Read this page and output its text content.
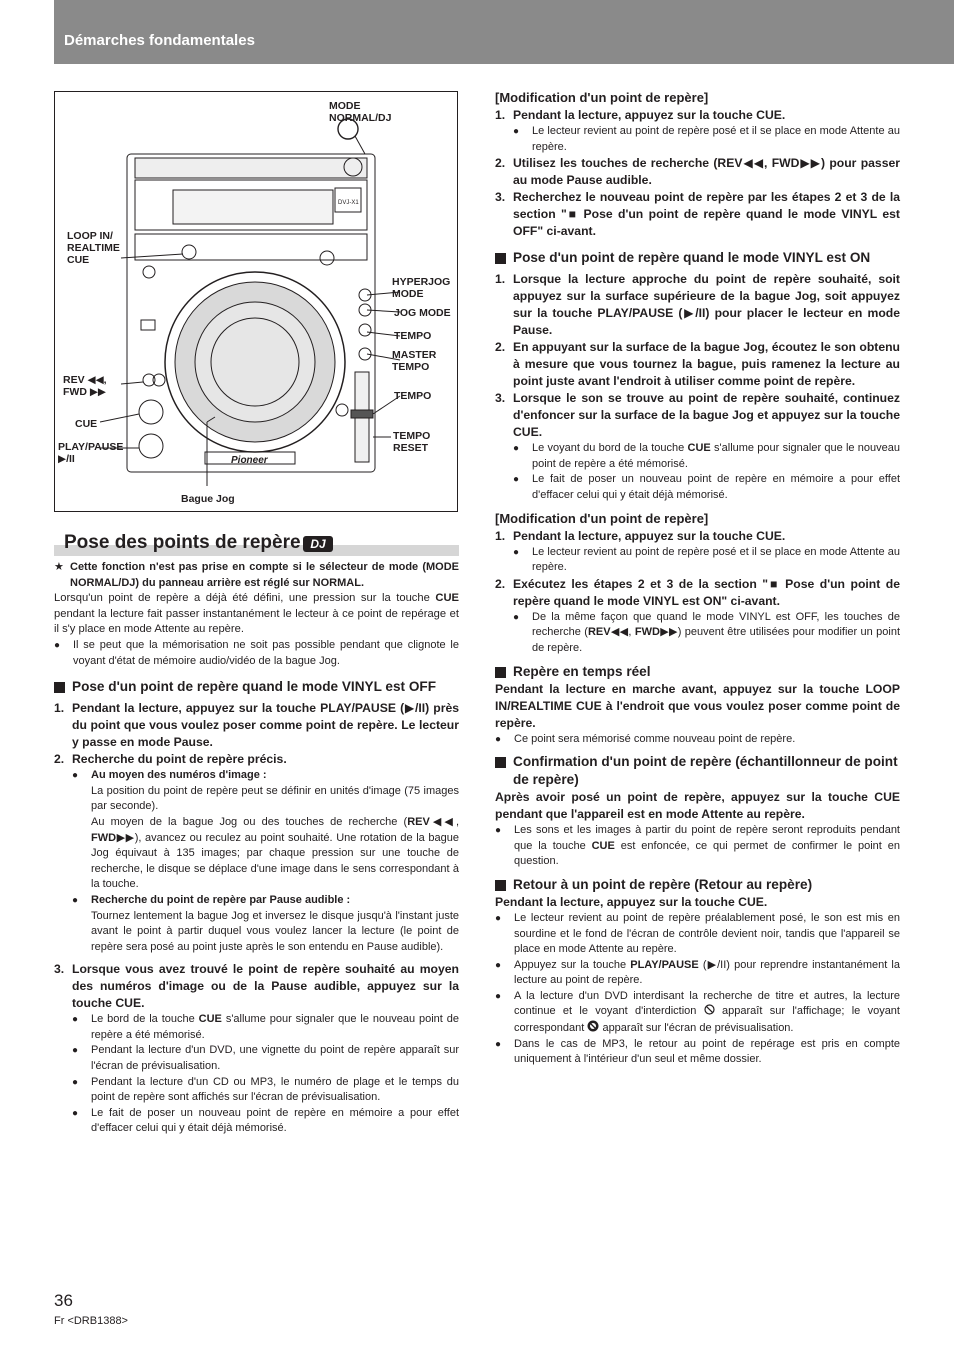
Démarches fondamentales
Pioneer
DVJ-X1
MODE
NORMAL/DJ
LOOP IN/
REALTIME
CUE
HYPERJOG
MODE
JOG MODE
TEMPO
MASTER
TEMPO
REV ◀◀,
FWD ▶▶	TEMPO
CUE
PLAY/PAUSE
▶/II
TEMPO
RESET
Bague Jog
Pose des points de repère DJ

★ Cette fonction n'est pas prise en compte si le sélecteur de mode (MODE NORMAL/DJ) du panneau arrière est réglé sur NORMAL.

Lorsqu'un point de repère a déjà été défini, une pression sur la touche CUE pendant la lecture fait passer instantanément le lecteur à ce point de repérage et il s'y place en mode Attente au repère.

● Il se peut que la mémorisation ne soit pas possible pendant que clignote le voyant d'état de mémoire audio/vidéo de la bague Jog.
Pose d'un point de repère quand le mode VINYL est OFF
1. Pendant la lecture, appuyez sur la touche PLAY/PAUSE (▶/II) près du point que vous voulez poser comme point de repère. Le lecteur y passe en mode Pause.
2. Recherche du point de repère précis.
● Au moyen des numéros d'image :
La position du point de repère peut se définir en unités d'image (75 images par seconde).
Au moyen de la bague Jog ou des touches de recherche (REV◀◀, FWD▶▶), avancez ou reculez au point souhaité. Une rotation de la bague Jog équivaut à 135 images; par chaque pression sur une touche de recherche, le disque se déplace d'une image dans le sens correspondant à la touche.
● Recherche du point de repère par Pause audible :
Tournez lentement la bague Jog et inversez le disque jusqu'à l'instant juste avant le point à partir duquel vous voulez lancer la lecture (le point de repère sera posé au point juste après le son entendu en Pause audible).
3. Lorsque vous avez trouvé le point de repère souhaité au moyen des numéros d'image ou de la Pause audible, appuyez sur la touche CUE.
● Le bord de la touche CUE s'allume pour signaler que le nouveau point de repère a été mémorisé.
● Pendant la lecture d'un DVD, une vignette du point de repère apparaît sur l'écran de prévisualisation.
● Pendant la lecture d'un CD ou MP3, le numéro de plage et le temps du point de repère sont affichés sur l'écran de prévisualisation.
● Le fait de poser un nouveau point de repère en mémoire a pour effet d'effacer celui qui y était déjà mémorisé.
[Modification d'un point de repère]
1. Pendant la lecture, appuyez sur la touche CUE.
● Le lecteur revient au point de repère posé et il se place en mode Attente au repère.
2. Utilisez les touches de recherche (REV◀◀, FWD▶▶) pour passer au mode Pause audible.
3. Recherchez le nouveau point de repère par les étapes 2 et 3 de la section "■ Pose d'un point de repère quand le mode VINYL est OFF" ci-avant.
Pose d'un point de repère quand le mode VINYL est ON
1. Lorsque la lecture approche du point de repère souhaité, soit appuyez sur la surface supérieure de la bague Jog, soit appuyez sur la touche PLAY/PAUSE (▶/II) pour placer le lecteur en mode Pause.
2. En appuyant sur la surface de la bague Jog, écoutez le son obtenu à mesure que vous tournez la bague, puis ramenez la lecture au point juste avant l'endroit à utiliser comme point de repère.
3. Lorsque le son se trouve au point de repère souhaité, continuez d'enfoncer sur la surface de la bague Jog et appuyez sur la touche CUE.
● Le voyant du bord de la touche CUE s'allume pour signaler que le nouveau point de repère a été mémorisé.
● Le fait de poser un nouveau point de repère en mémoire a pour effet d'effacer celui qui y était déjà mémorisé.
[Modification d'un point de repère]
1. Pendant la lecture, appuyez sur la touche CUE.
● Le lecteur revient au point de repère posé et il se place en mode Attente au repère.
2. Exécutez les étapes 2 et 3 de la section "■ Pose d'un point de repère quand le mode VINYL est ON" ci-avant.
● De la même façon que quand le mode VINYL est OFF, les touches de recherche (REV◀◀, FWD▶▶) peuvent être utilisées pour modifier un point de repère.
Repère en temps réel

Pendant la lecture en marche avant, appuyez sur la touche LOOP IN/REALTIME CUE à l'endroit que vous voulez poser comme point de repère.

● Ce point sera mémorisé comme nouveau point de repère.
Confirmation d'un point de repère (échantillonneur de point de repère)

Après avoir posé un point de repère, appuyez sur la touche CUE pendant que l'appareil est en mode Attente au repère.

● Les sons et les images à partir du point de repère seront reproduits pendant que la touche CUE est enfoncée, ce qui permet de confirmer le point en question.
Retour à un point de repère (Retour au repère)

Pendant la lecture, appuyez sur la touche CUE.

● Le lecteur revient au point de repère préalablement posé, le son est mis en sourdine et le fond de l'écran de contrôle devient noir, tandis que l'appareil se place en mode Attente au repère.
● Appuyez sur la touche PLAY/PAUSE (▶/II) pour reprendre instantanément la lecture au point de repère.
● A la lecture d'un DVD interdisant la recherche de titre et autres, la lecture continue et le voyant d'interdiction  apparaît sur l'affichage; le voyant correspondant  apparaît sur l'écran de prévisualisation.
● Dans le cas de MP3, le retour au point de repérage est pris en compte uniquement à l'intérieur d'un seul et même dossier.
36
Fr <DRB1388>
